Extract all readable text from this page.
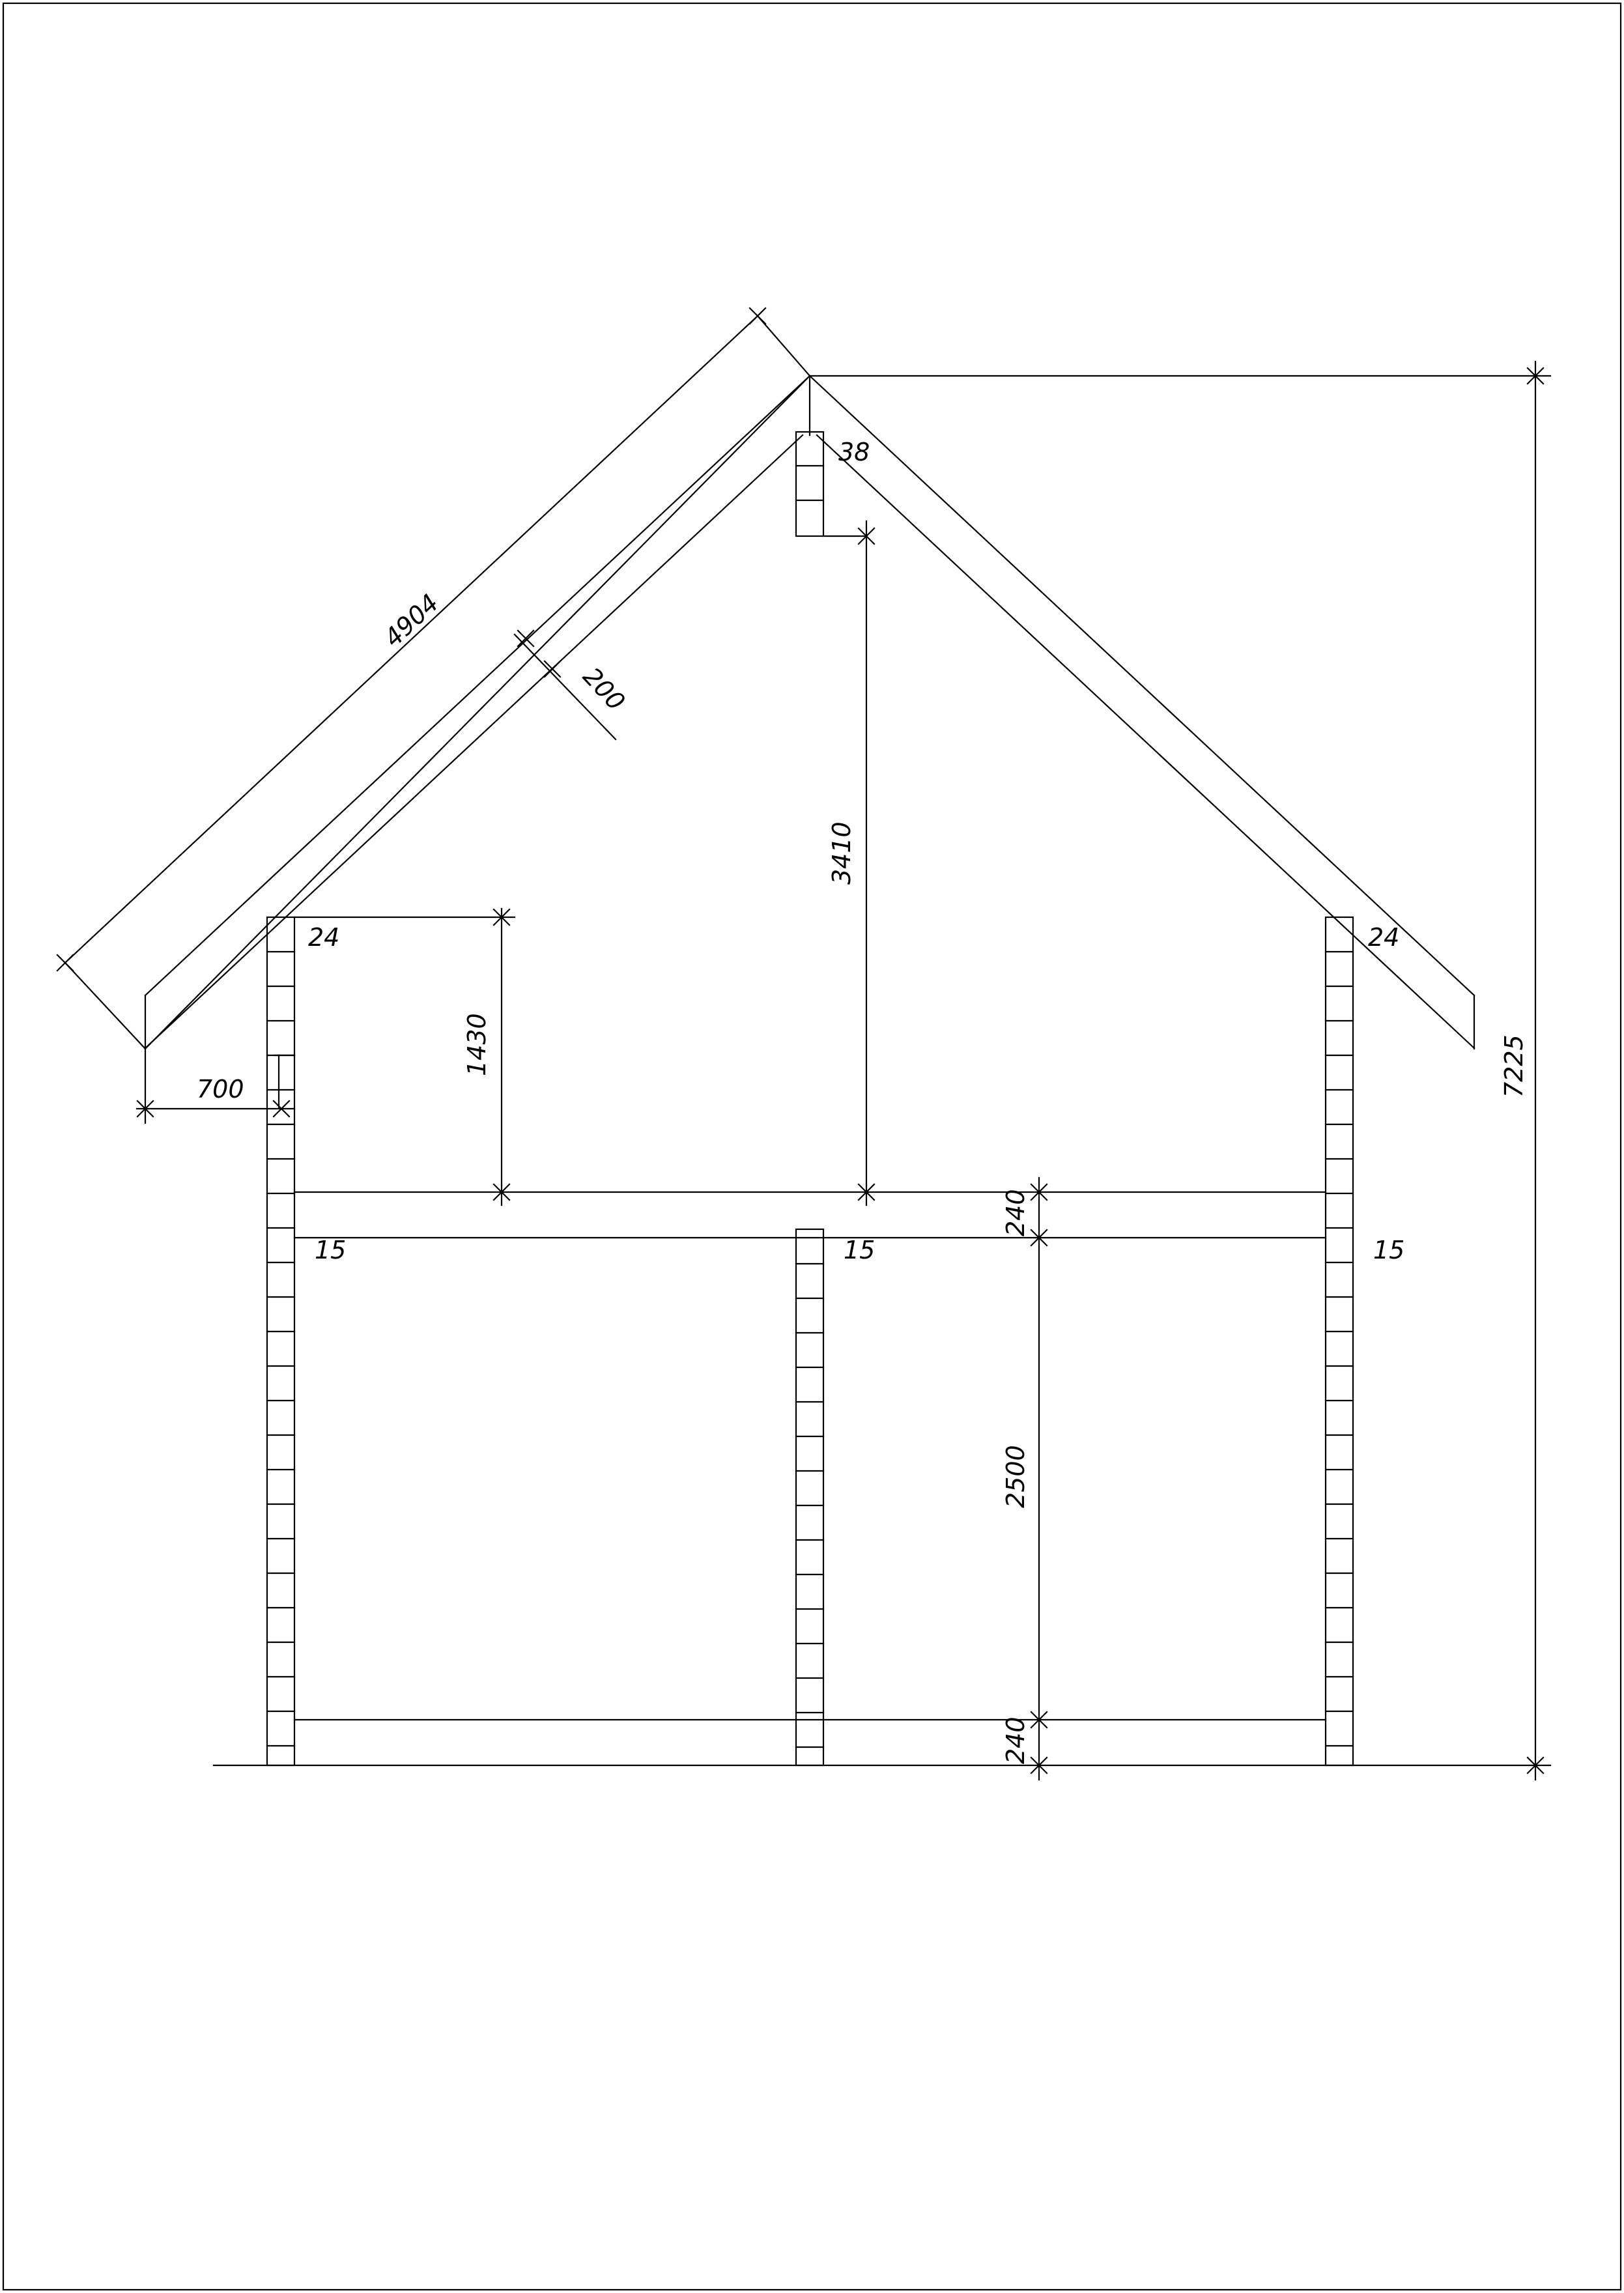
4904
200
700
1430
3410
240
2500
240
7225
38
24	24
15	15	15
